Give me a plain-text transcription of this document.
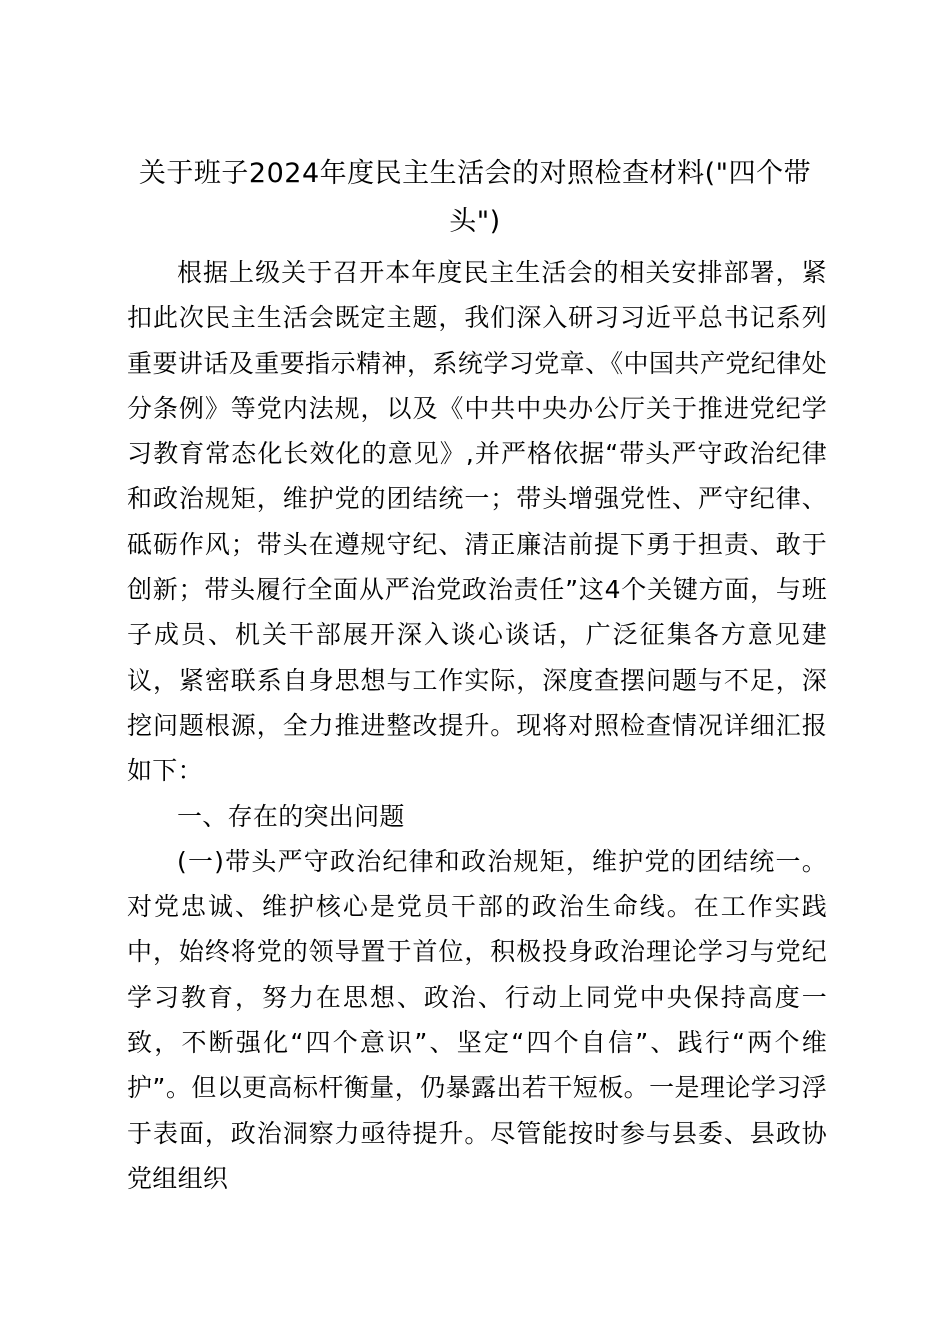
关于班子2024年度民主生活会的对照检查材料("四个带头")

根据上级关于召开本年度民主生活会的相关安排部署，紧扣此次民主生活会既定主题，我们深入研习习近平总书记系列重要讲话及重要指示精神，系统学习党章、《中国共产党纪律处分条例》等党内法规，以及《中共中央办公厅关于推进党纪学习教育常态化长效化的意见》,并严格依据“带头严守政治纪律和政治规矩，维护党的团结统一；带头增强党性、严守纪律、砥砺作风；带头在遵规守纪、清正廉洁前提下勇于担责、敢于创新；带头履行全面从严治党政治责任”这4个关键方面，与班子成员、机关干部展开深入谈心谈话，广泛征集各方意见建议，紧密联系自身思想与工作实际，深度查摆问题与不足，深挖问题根源，全力推进整改提升。现将对照检查情况详细汇报如下：

一、存在的突出问题

(一)带头严守政治纪律和政治规矩，维护党的团结统一。对党忠诚、维护核心是党员干部的政治生命线。在工作实践中，始终将党的领导置于首位，积极投身政治理论学习与党纪学习教育，努力在思想、政治、行动上同党中央保持高度一致，不断强化“四个意识”、坚定“四个自信”、践行“两个维护”。但以更高标杆衡量，仍暴露出若干短板。一是理论学习浮于表面，政治洞察力亟待提升。尽管能按时参与县委、县政协党组组织
